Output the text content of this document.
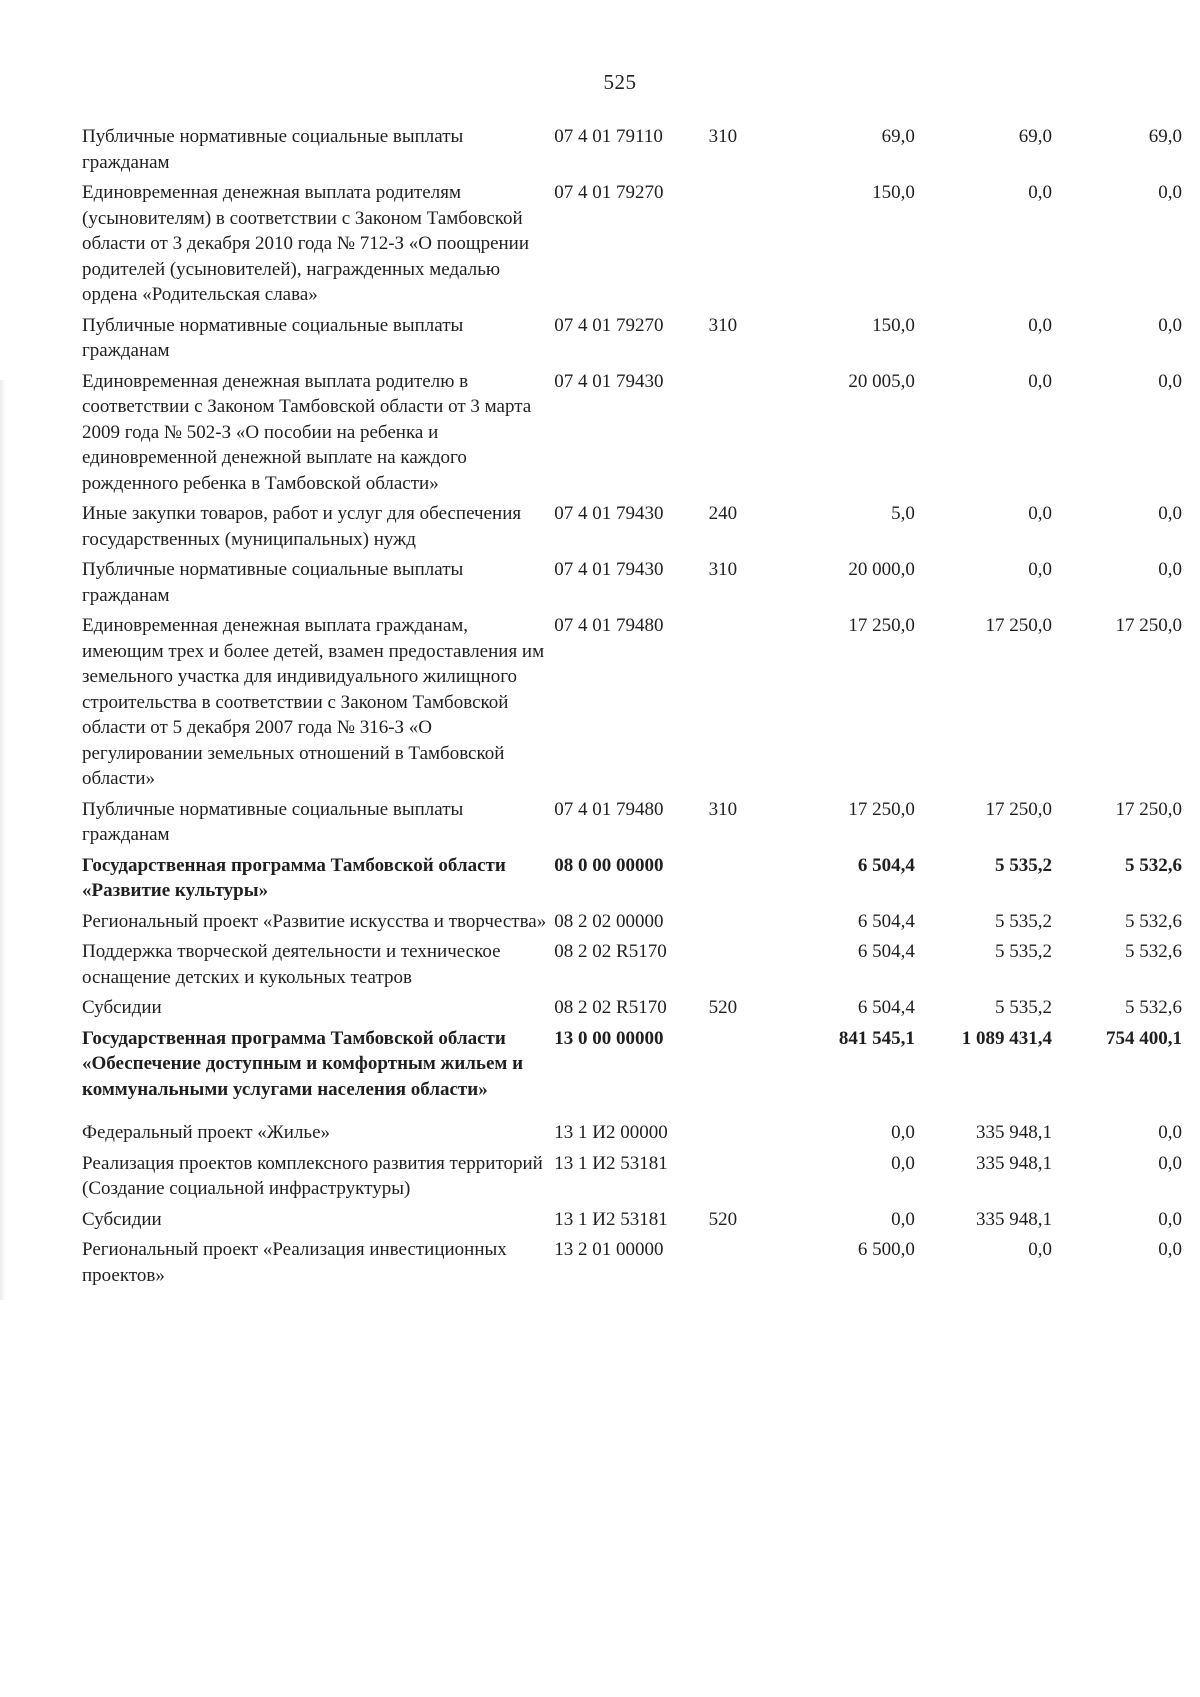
525
Публичные нормативные социальные выплаты гражданам	07 4 01 79110	310	69,0	69,0	69,0
Единовременная денежная выплата родителям (усыновителям) в соответствии с Законом Тамбовской области от 3 декабря 2010 года № 712-З «О поощрении родителей (усыновителей), награжденных медалью ордена «Родительская слава»	07 4 01 79270		150,0	0,0	0,0
Публичные нормативные социальные выплаты гражданам	07 4 01 79270	310	150,0	0,0	0,0
Единовременная денежная выплата родителю в соответствии с Законом Тамбовской области от 3 марта 2009 года № 502-З «О пособии на ребенка и единовременной денежной выплате на каждого рожденного ребенка в Тамбовской области»	07 4 01 79430		20 005,0	0,0	0,0
Иные закупки товаров, работ и услуг для обеспечения государственных (муниципальных) нужд	07 4 01 79430	240	5,0	0,0	0,0
Публичные нормативные социальные выплаты гражданам	07 4 01 79430	310	20 000,0	0,0	0,0
Единовременная денежная выплата гражданам, имеющим трех и более детей, взамен предоставления им земельного участка для индивидуального жилищного строительства в соответствии с Законом Тамбовской области от 5 декабря 2007 года № 316-З «О регулировании земельных отношений в Тамбовской области»	07 4 01 79480		17 250,0	17 250,0	17 250,0
Публичные нормативные социальные выплаты гражданам	07 4 01 79480	310	17 250,0	17 250,0	17 250,0
Государственная программа Тамбовской области «Развитие культуры»	08 0 00 00000		6 504,4	5 535,2	5 532,6
Региональный проект «Развитие искусства и творчества»	08 2 02 00000		6 504,4	5 535,2	5 532,6
Поддержка творческой деятельности и техническое оснащение детских и кукольных театров	08 2 02 R5170		6 504,4	5 535,2	5 532,6
Субсидии	08 2 02 R5170	520	6 504,4	5 535,2	5 532,6
Государственная программа Тамбовской области «Обеспечение доступным и комфортным жильем и коммунальными услугами населения области»	13 0 00 00000		841 545,1	1 089 431,4	754 400,1
Федеральный проект «Жилье»	13 1 И2 00000		0,0	335 948,1	0,0
Реализация проектов комплексного развития территорий (Создание социальной инфраструктуры)	13 1 И2 53181		0,0	335 948,1	0,0
Субсидии	13 1 И2 53181	520	0,0	335 948,1	0,0
Региональный проект «Реализация инвестиционных проектов»	13 2 01 00000		6 500,0	0,0	0,0
